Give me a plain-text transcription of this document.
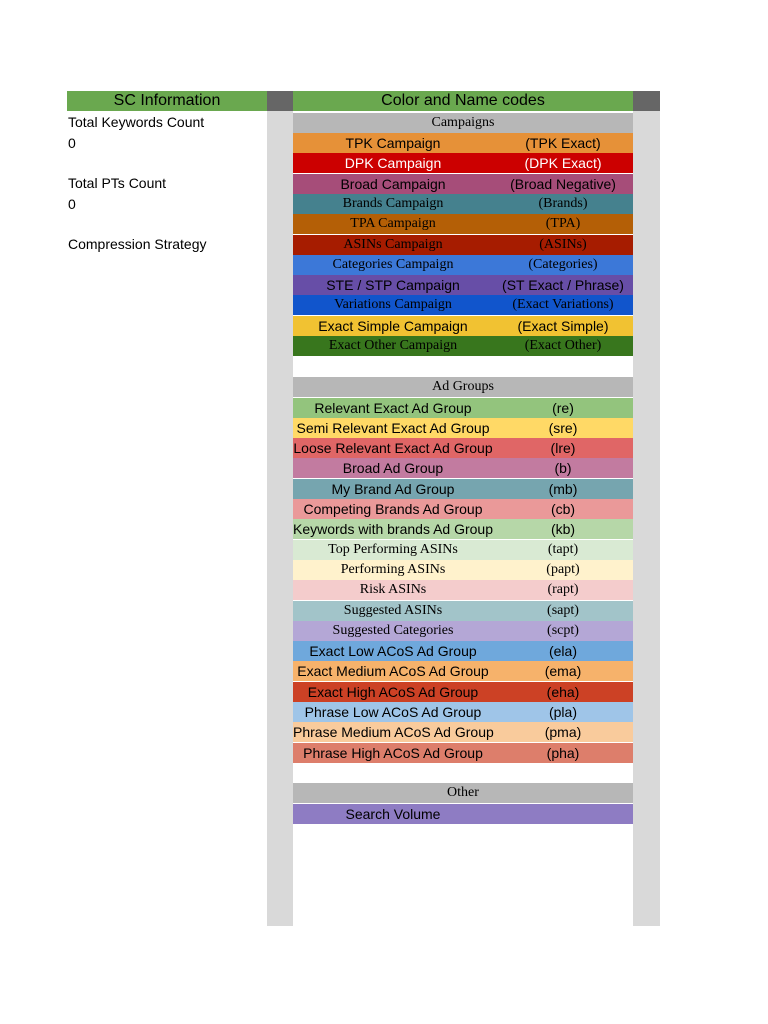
SC Information
Total Keywords Count
0
Total PTs Count
0
Compression Strategy
Color and Name codes
Campaigns
Ad Groups
Other
TPK Campaign	(TPK Exact)
DPK Campaign	(DPK Exact)
Broad Campaign	(Broad Negative)
Brands Campaign	(Brands)
TPA Campaign	(TPA)
ASINs Campaign	(ASINs)
Categories Campaign	(Categories)
STE / STP Campaign	(ST Exact / Phrase)
Variations Campaign	(Exact Variations)
Exact Simple Campaign	(Exact Simple)
Exact Other Campaign	(Exact Other)
Relevant Exact Ad Group	(re)
Semi Relevant Exact Ad Group	(sre)
Loose Relevant Exact Ad Group	(lre)
Broad Ad Group	(b)
My Brand Ad Group	(mb)
Competing Brands Ad Group	(cb)
Keywords with brands Ad Group	(kb)
Top Performing ASINs	(tapt)
Performing ASINs	(papt)
Risk ASINs	(rapt)
Suggested ASINs	(sapt)
Suggested Categories	(scpt)
Exact Low ACoS Ad Group	(ela)
Exact Medium ACoS Ad Group	(ema)
Exact High ACoS Ad Group	(eha)
Phrase Low ACoS Ad Group	(pla)
Phrase Medium ACoS Ad Group	(pma)
Phrase High ACoS Ad Group	(pha)
Search Volume
